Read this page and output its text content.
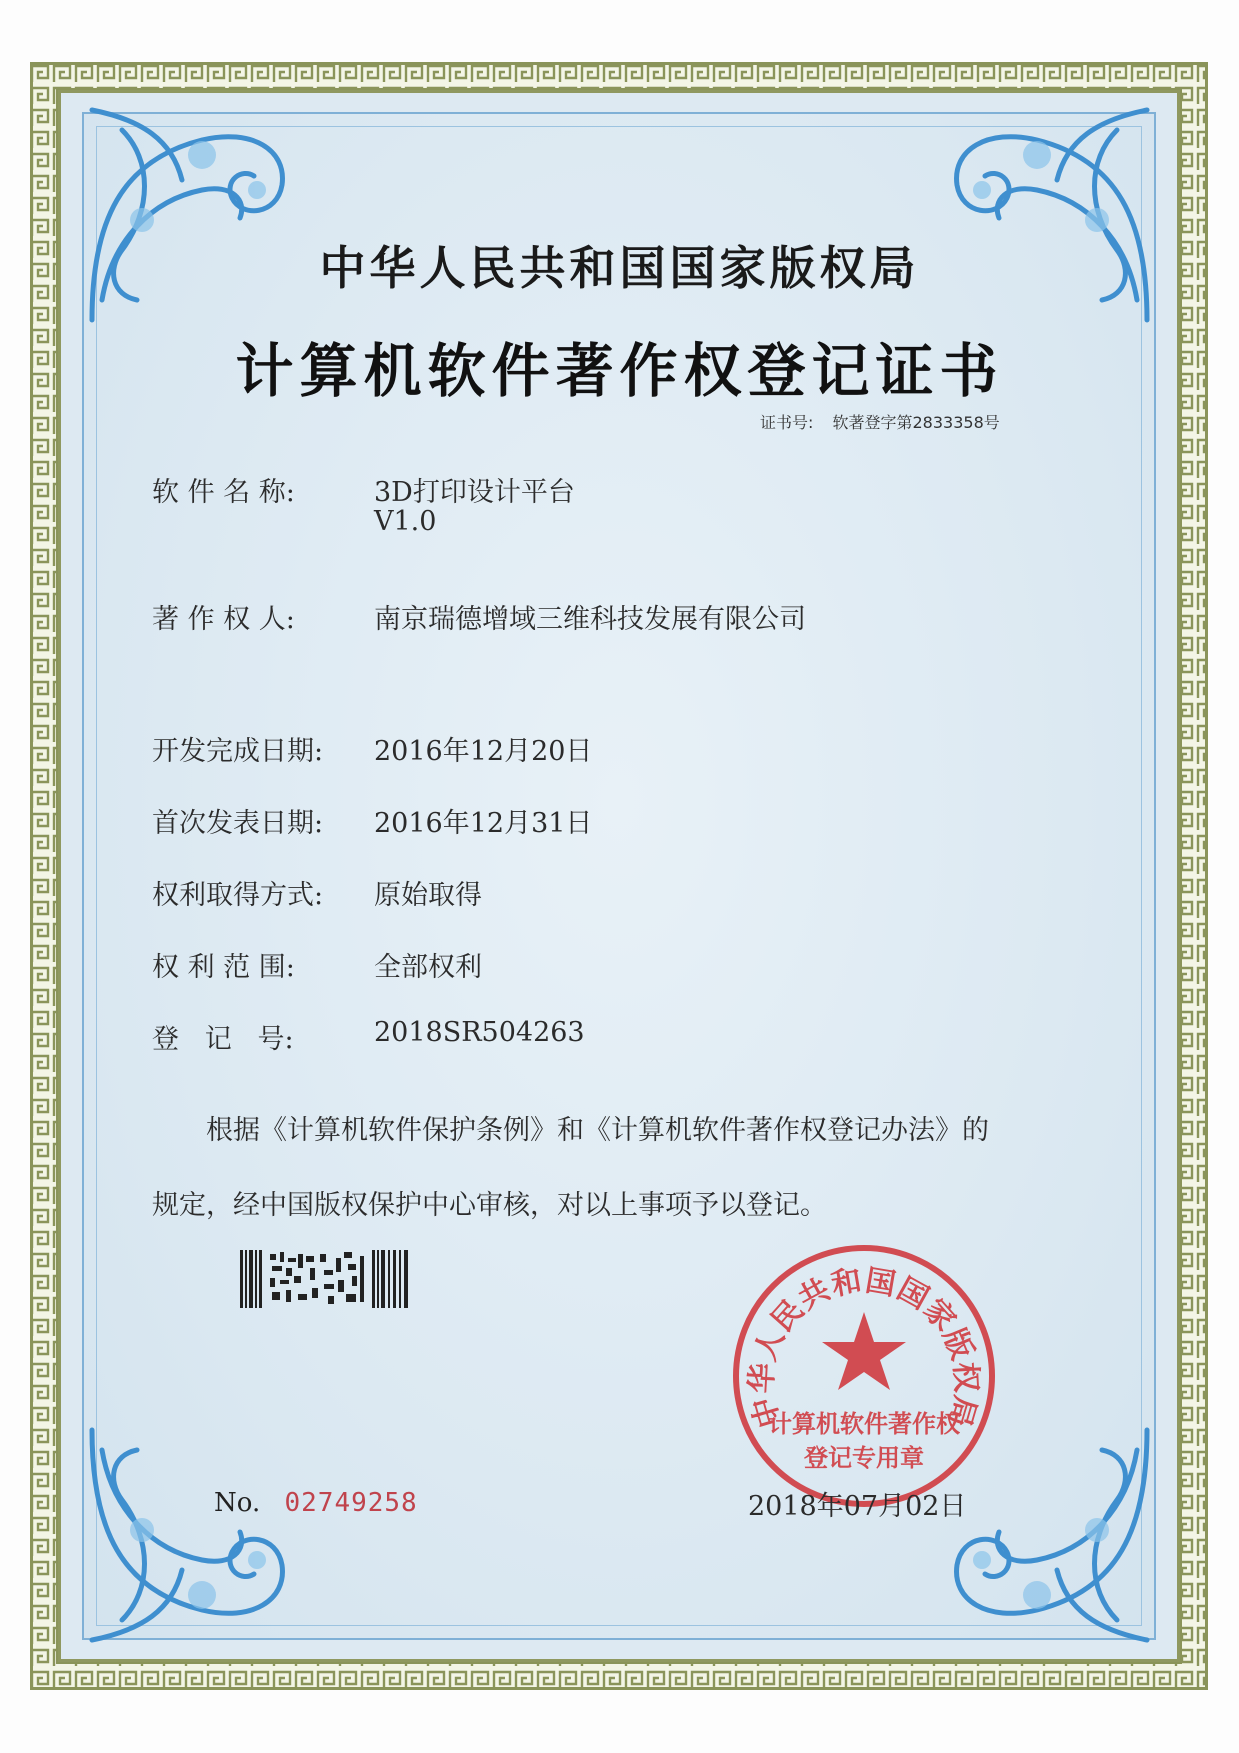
中华人民共和国国家版权局
计算机软件著作权登记证书
证书号: 软著登字第2833358号
软 件 名 称:	3D打印设计平台
V1.0
著 作 权 人:	南京瑞德增域三维科技发展有限公司
开发完成日期:	2016年12月20日
首次发表日期:	2016年12月31日
权利取得方式:	原始取得
权 利 范 围:	全部权利
登   记   号:	2018SR504263
根据《计算机软件保护条例》和《计算机软件著作权登记办法》的
规定，经中国版权保护中心审核，对以上事项予以登记。
中华人民共和国国家版权局
计算机软件著作权
登记专用章
No. 02749258	2018年07月02日
